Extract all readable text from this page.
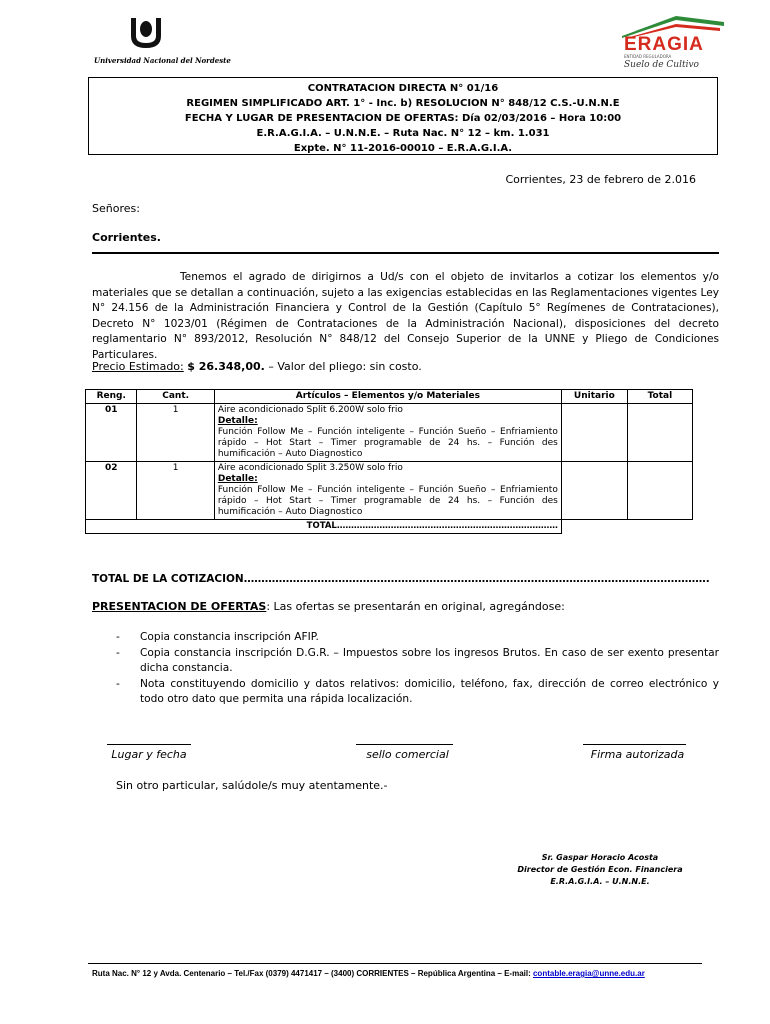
Universidad Nacional del Nordeste
ERAGIA
ENTIDAD REGULADORA
Suelo de Cultivo
CONTRATACION DIRECTA N° 01/16
REGIMEN SIMPLIFICADO ART. 1° - Inc. b) RESOLUCION N° 848/12 C.S.-U.N.N.E
FECHA Y LUGAR DE PRESENTACION DE OFERTAS: Día 02/03/2016 – Hora 10:00
E.R.A.G.I.A. – U.N.N.E. – Ruta Nac. N° 12 – km. 1.031
Expte. N° 11-2016-00010 – E.R.A.G.I.A.
Corrientes, 23 de febrero de 2.016
Señores:
Corrientes.
Tenemos el agrado de dirigirnos a Ud/s con el objeto de invitarlos a cotizar los elementos y/o materiales que se detallan a continuación, sujeto a las exigencias establecidas en las Reglamentaciones vigentes Ley N° 24.156 de la Administración Financiera y Control de la Gestión (Capítulo 5° Regímenes de Contrataciones), Decreto N° 1023/01 (Régimen de Contrataciones de la Administración Nacional), disposiciones del decreto reglamentario N° 893/2012, Resolución N° 848/12 del Consejo Superior de la UNNE y Pliego de Condiciones Particulares.
Precio Estimado: $ 26.348,00. – Valor del pliego: sin costo.
Reng.	Cant.	Artículos – Elementos y/o Materiales	Unitario	Total
01	1	Aire acondicionado Split 6.200W solo frio
Detalle:
Función Follow Me – Función inteligente – Función Sueño – Enfriamiento rápido – Hot Start – Timer programable de 24 hs. – Función des humificación – Auto Diagnostico		

02	1	Aire acondicionado Split 3.250W solo frio
Detalle:
Función Follow Me – Función inteligente – Función Sueño – Enfriamiento rápido – Hot Start – Timer programable de 24 hs. – Función des humificación – Auto Diagnostico		

TOTAL……………………………………………………………………				
TOTAL DE LA COTIZACION…………………………………………………………………………………………………………………….
PRESENTACION DE OFERTAS: Las ofertas se presentarán en original, agregándose:
- Copia constancia inscripción AFIP.
- Copia constancia inscripción D.G.R. – Impuestos sobre los ingresos Brutos. En caso de ser exento presentar dicha constancia.
- Nota constituyendo domicilio y datos relativos: domicilio, teléfono, fax, dirección de correo electrónico y todo otro dato que permita una rápida localización.
Lugar y fecha	sello comercial	Firma autorizada
Sin otro particular, salúdole/s muy atentamente.-
Sr. Gaspar Horacio Acosta
Director de Gestión Econ. Financiera
E.R.A.G.I.A. – U.N.N.E.
Ruta Nac. N° 12 y Avda. Centenario – Tel./Fax (0379) 4471417 – (3400) CORRIENTES – República Argentina – E-mail: contable.eragia@unne.edu.ar
